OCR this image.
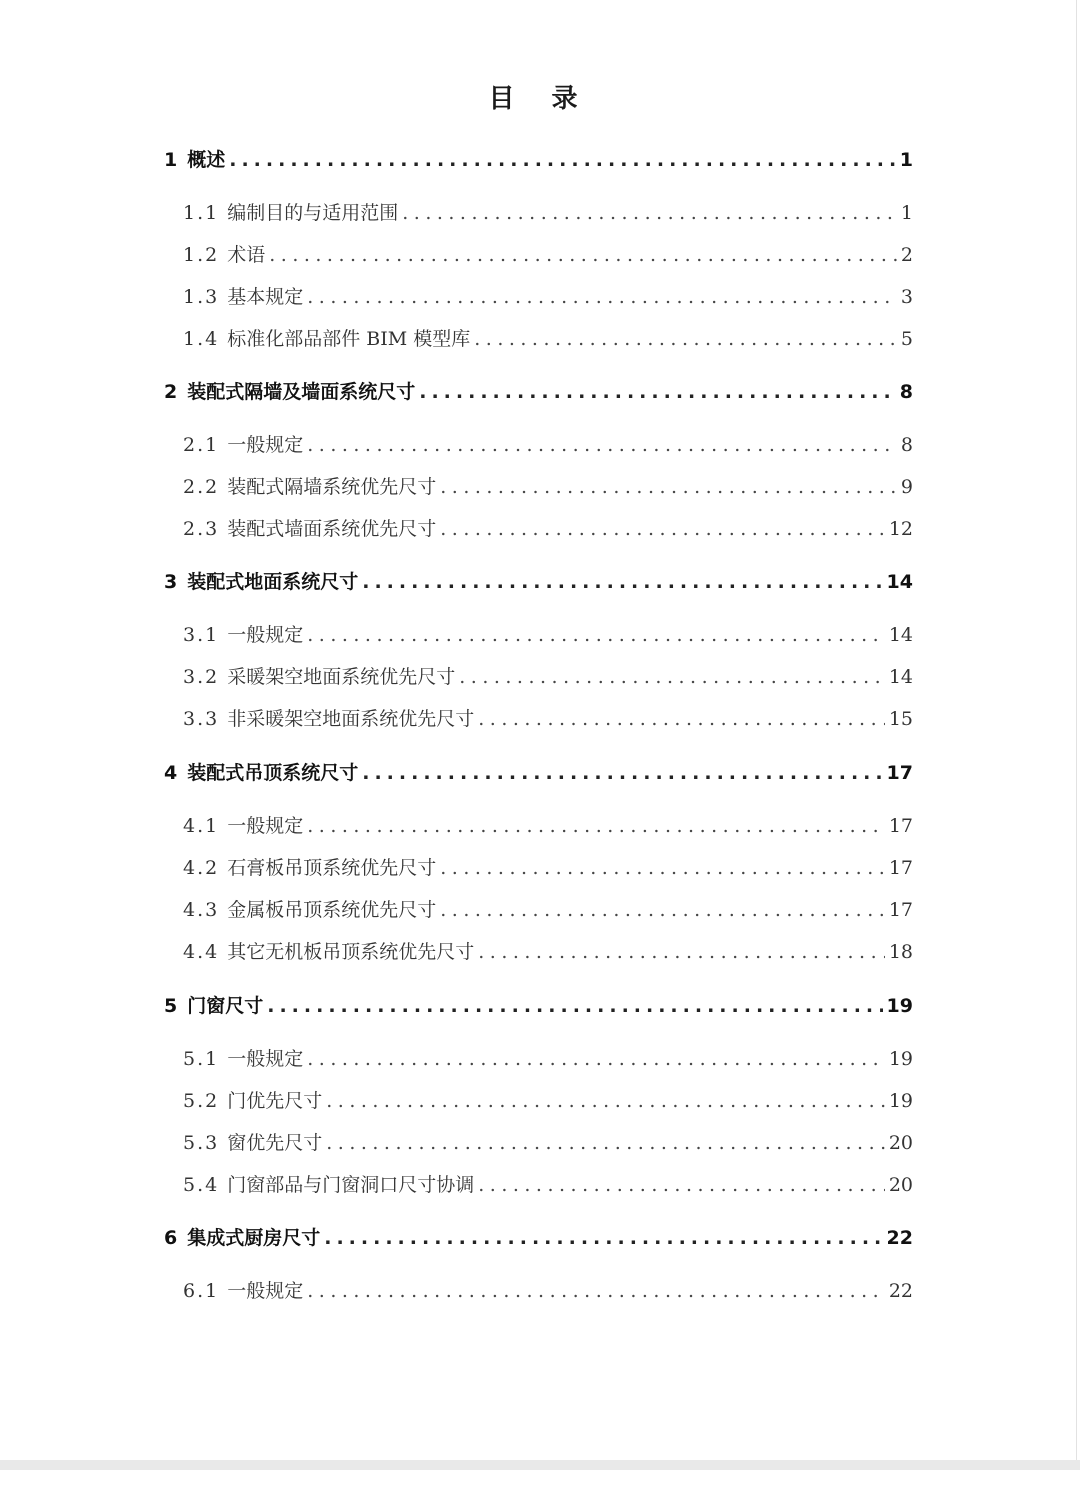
目 录
1 概述 .....	1
1.1 编制目的与适用范围 .....	1
1.2 术语 .....	2
1.3 基本规定 .....	3
1.4 标准化部品部件 BIM 模型库 .....	5
2 装配式隔墙及墙面系统尺寸 .....	8
2.1 一般规定 .....	8
2.2 装配式隔墙系统优先尺寸 .....	9
2.3 装配式墙面系统优先尺寸 .....	12
3 装配式地面系统尺寸 .....	14
3.1 一般规定 .....	14
3.2 采暖架空地面系统优先尺寸 .....	14
3.3 非采暖架空地面系统优先尺寸 .....	15
4 装配式吊顶系统尺寸 .....	17
4.1 一般规定 .....	17
4.2 石膏板吊顶系统优先尺寸 .....	17
4.3 金属板吊顶系统优先尺寸 .....	17
4.4 其它无机板吊顶系统优先尺寸 .....	18
5 门窗尺寸 .....	19
5.1 一般规定 .....	19
5.2 门优先尺寸 .....	19
5.3 窗优先尺寸 .....	20
5.4 门窗部品与门窗洞口尺寸协调 .....	20
6 集成式厨房尺寸 .....	22
6.1 一般规定 .....	22
